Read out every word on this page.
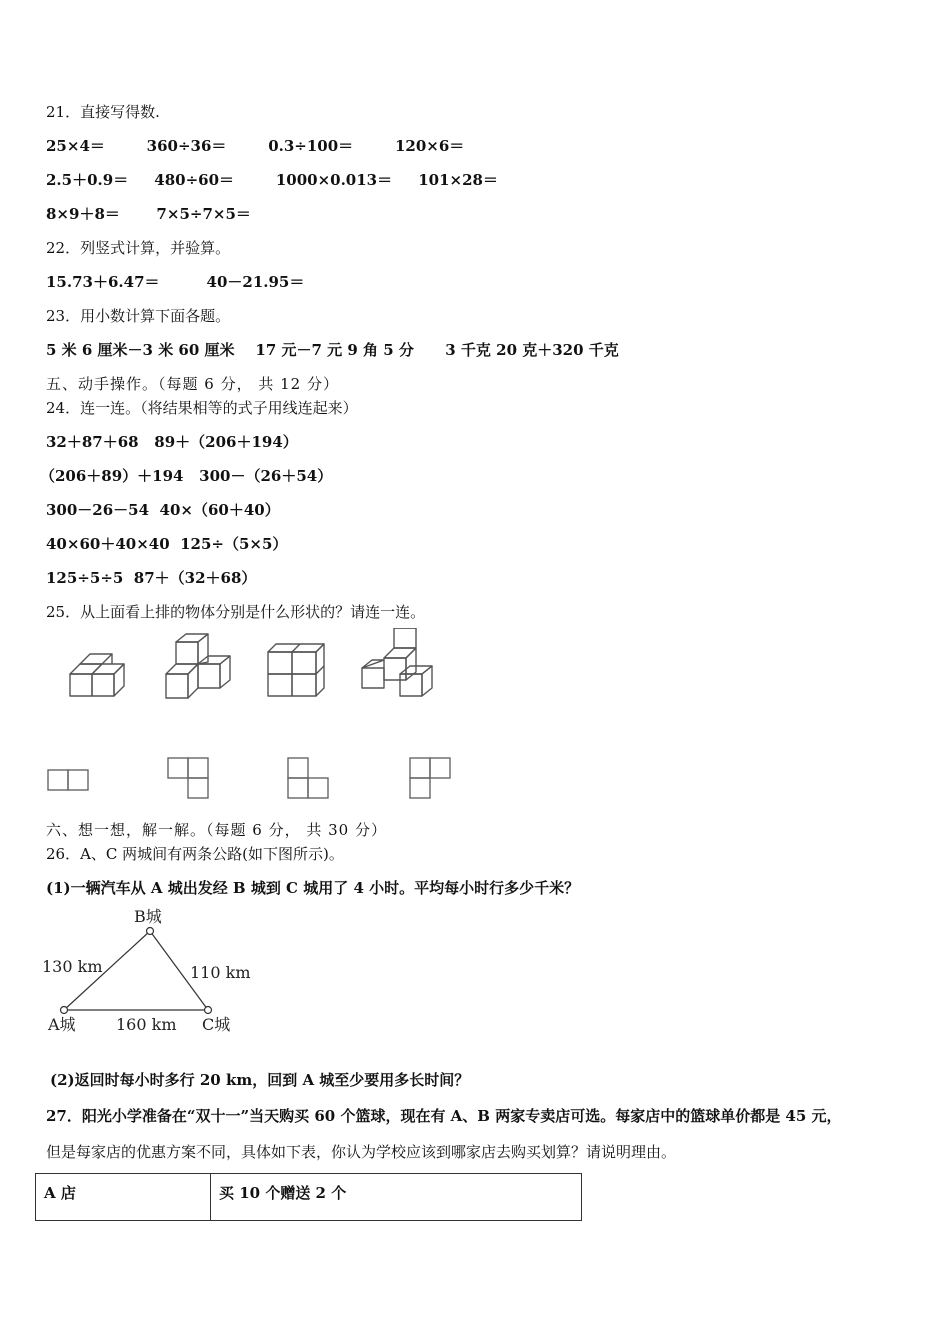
21．直接写得数.
25×4＝        360÷36＝        0.3÷100＝        120×6＝
2.5＋0.9＝     480÷60＝        1000×0.013＝     101×28＝
8×9＋8＝       7×5÷7×5＝
22．列竖式计算，并验算。
15.73＋6.47＝         40－21.95＝
23．用小数计算下面各题。
5 米 6 厘米－3 米 60 厘米    17 元－7 元 9 角 5 分      3 千克 20 克＋320 千克
五、动手操作。（每题 6 分， 共 12 分）
24．连一连。（将结果相等的式子用线连起来）
32＋87＋68   89＋（206＋194）
（206＋89）＋194   300－（26＋54）
300－26－54  40×（60＋40）
40×60＋40×40  125÷（5×5）
125÷5÷5  87＋（32＋68）
25．从上面看上排的物体分别是什么形状的？请连一连。
六、想一想，解一解。（每题 6 分， 共 30 分）
26．A、C 两城间有两条公路(如下图所示)。
(1)一辆汽车从 A 城出发经 B 城到 C 城用了 4 小时。平均每小时行多少千米？
B城
A城	C城
130 km	110 km
160 km
(2)返回时每小时多行 20 km，回到 A 城至少要用多长时间？
27．阳光小学准备在“双十一”当天购买 60 个篮球，现在有 A、B 两家专卖店可选。每家店中的篮球单价都是 45 元，
但是每家店的优惠方案不同，具体如下表，你认为学校应该到哪家店去购买划算？请说明理由。
A 店	买 10 个赠送 2 个
